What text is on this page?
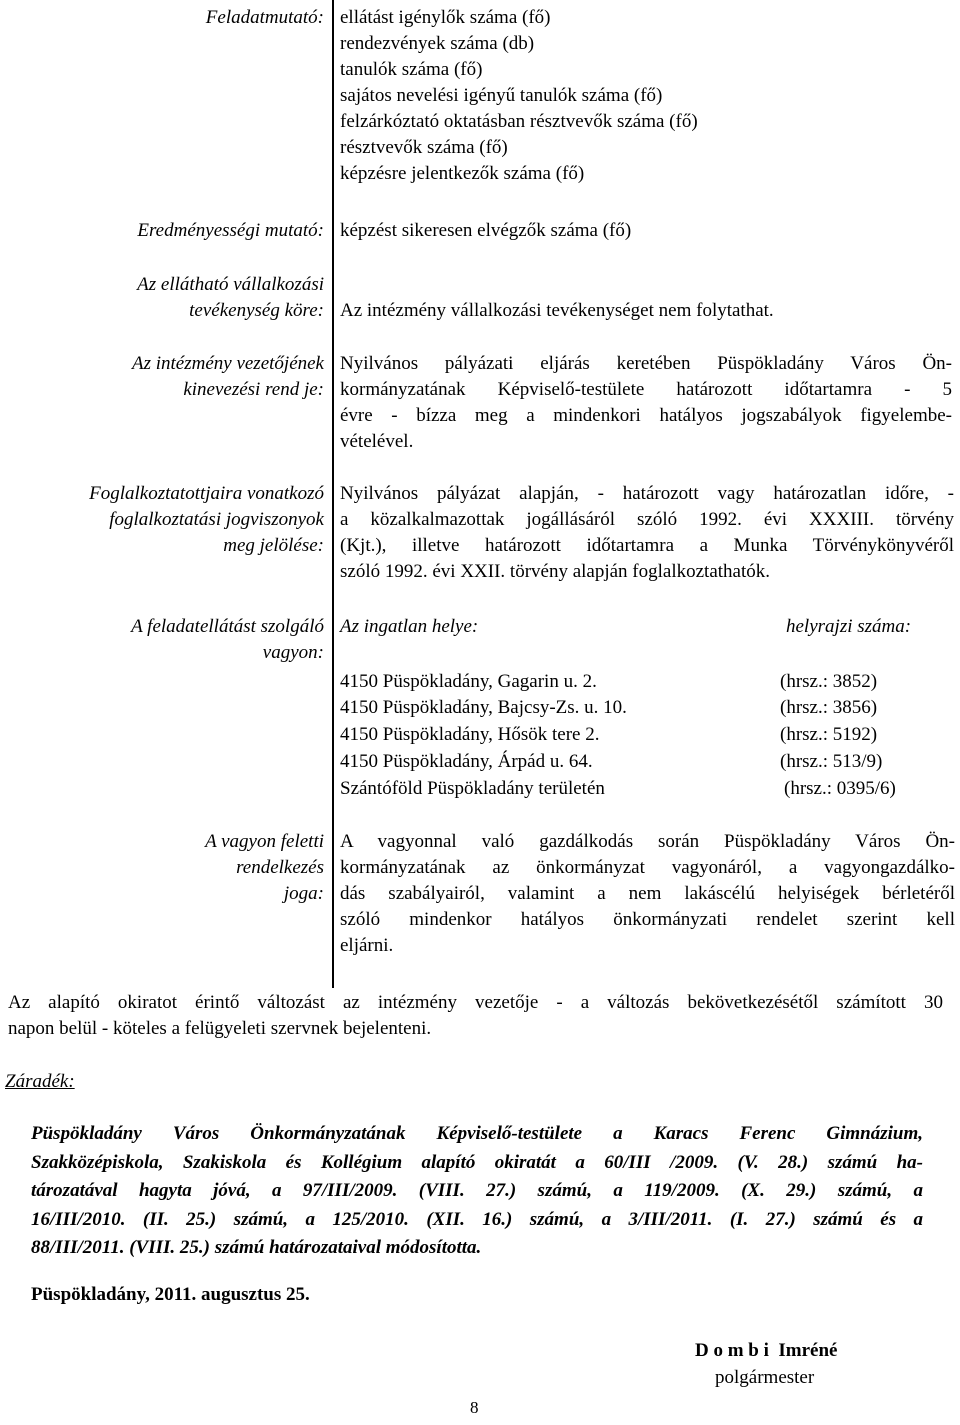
Feladatmutató: ellátást igénylők száma (fő)
rendezvények száma (db)
tanulók száma (fő)
sajátos nevelési igényű tanulók száma (fő)
felzárkóztató oktatásban résztvevők száma (fő)
résztvevők száma (fő)
képzésre jelentkezők száma (fő)
Eredményességi mutató: képzést sikeresen elvégzők száma (fő)
Az ellátható vállalkozási
tevékenység köre: Az intézmény vállalkozási tevékenységet nem folytathat.
Az intézmény vezetőjének
kinevezési rend je:
Nyilvános pályázati eljárás keretében Püspökladány Város Ön-
kormányzatának Képviselő-testülete határozott időtartamra - 5
évre - bízza meg a mindenkori hatályos jogszabályok figyelembe-
vételével.
Foglalkoztatottjaira vonatkozó
foglalkoztatási jogviszonyok
meg jelölése:
Nyilvános pályázat alapján, - határozott vagy határozatlan időre, -
a közalkalmazottak jogállásáról szóló 1992. évi XXXIII. törvény
(Kjt.), illetve határozott időtartamra a Munka Törvénykönyvéről
szóló 1992. évi XXII. törvény alapján foglalkoztathatók.
A feladatellátást szolgáló
vagyon:
Az ingatlan helye:	helyrajzi száma:
4150 Püspökladány, Gagarin u. 2.	(hrsz.: 3852)
4150 Püspökladány, Bajcsy-Zs. u. 10.	(hrsz.: 3856)
4150 Püspökladány, Hősök tere 2.	(hrsz.: 5192)
4150 Püspökladány, Árpád u. 64.	(hrsz.: 513/9)
Szántóföld Püspökladány területén	(hrsz.: 0395/6)
A vagyon feletti
rendelkezés
joga:
A vagyonnal való gazdálkodás során Püspökladány Város Ön-
kormányzatának az önkormányzat vagyonáról, a vagyongazdálko-
dás szabályairól, valamint a nem lakáscélú helyiségek bérletéről
szóló mindenkor hatályos önkormányzati rendelet szerint kell
eljárni.
Az alapító okiratot érintő változást az intézmény vezetője - a változás bekövetkezésétől számított 30
napon belül - köteles a felügyeleti szervnek bejelenteni.
Záradék:
Püspökladány Város Önkormányzatának Képviselő-testülete a Karacs Ferenc Gimnázium,
Szakközépiskola, Szakiskola és Kollégium alapító okiratát a 60/III /2009. (V. 28.) számú ha-
tározatával hagyta jóvá, a 97/III/2009. (VIII. 27.) számú, a 119/2009. (X. 29.) számú, a
16/III/2010. (II. 25.) számú, a 125/2010. (XII. 16.) számú, a 3/III/2011. (I. 27.) számú és a
88/III/2011. (VIII. 25.) számú határozataival módosította.
Püspökladány, 2011. augusztus 25.
D o m b i  Imréné
polgármester
8
